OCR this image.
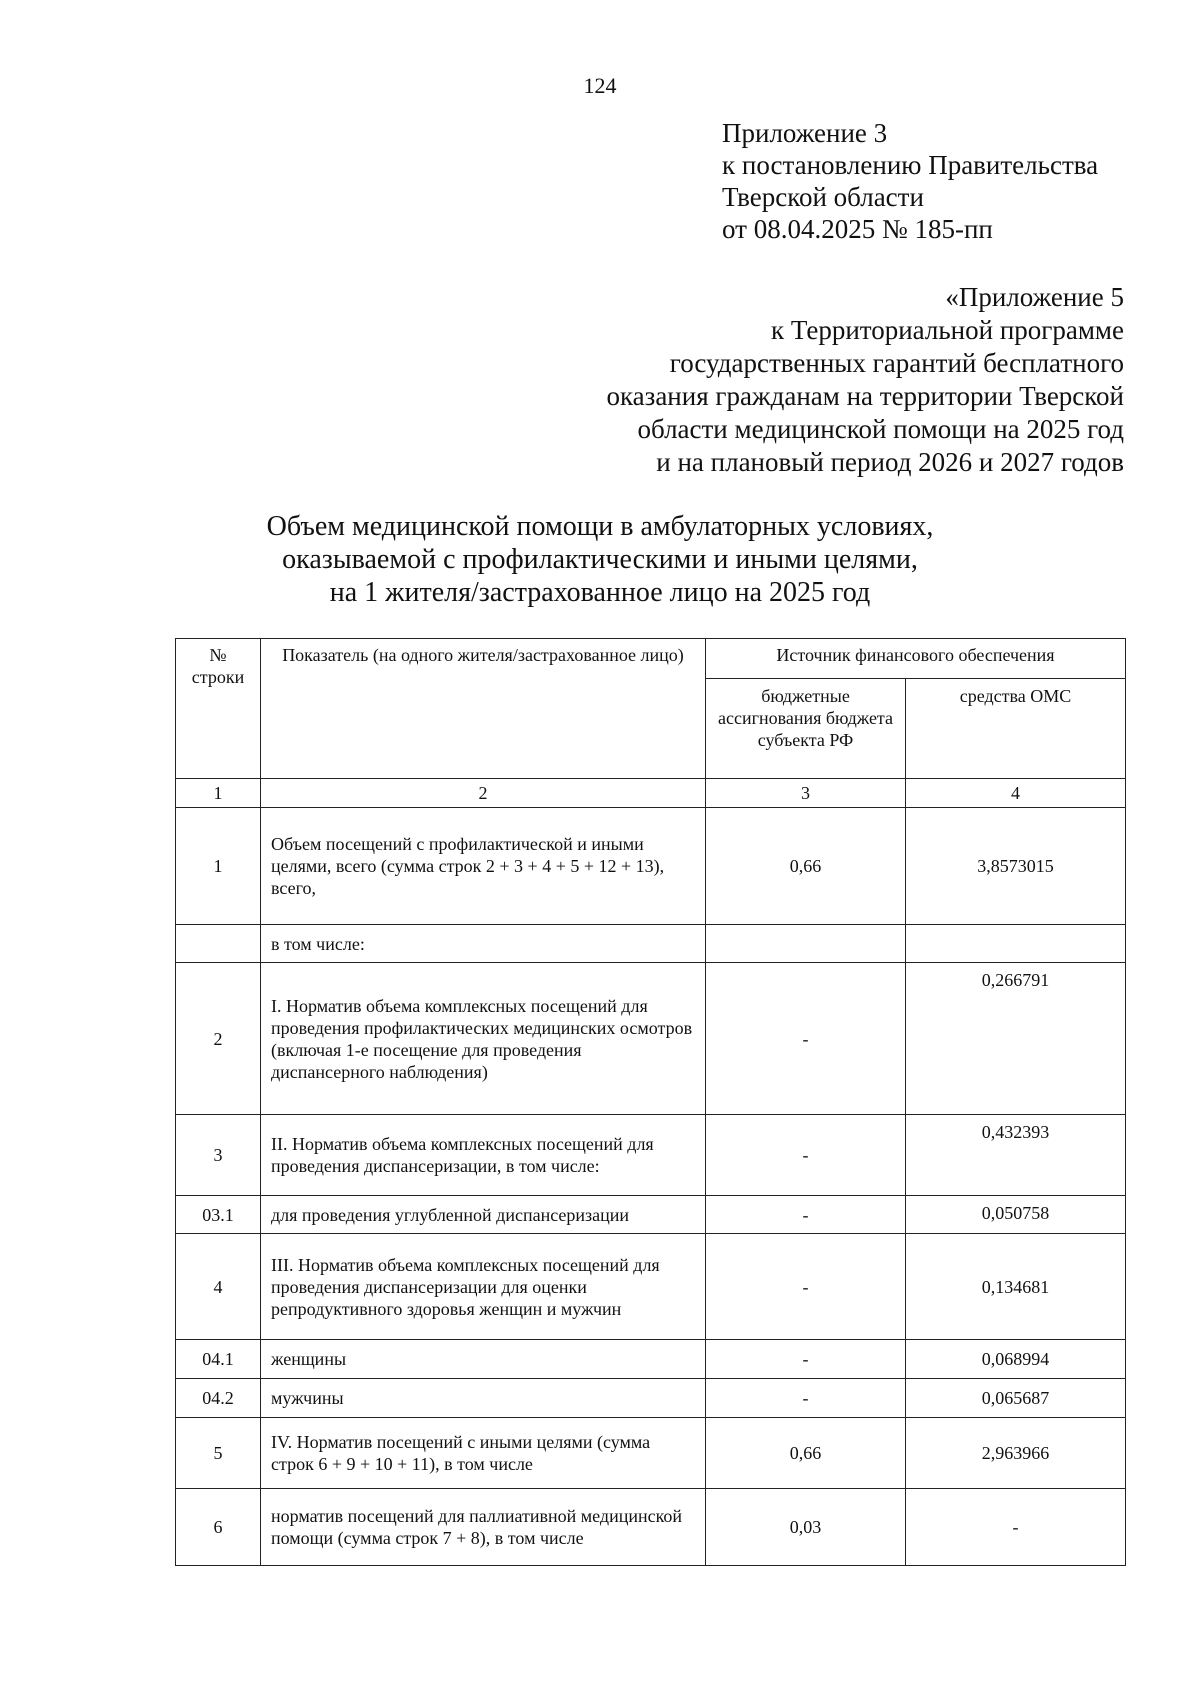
124
Приложение 3
к постановлению Правительства
Тверской области
от 08.04.2025 № 185-пп
«Приложение 5
к Территориальной программе
государственных гарантий бесплатного
оказания гражданам на территории Тверской
области медицинской помощи на 2025 год
и на плановый период 2026 и 2027 годов
Объем медицинской помощи в амбулаторных условиях,
оказываемой с профилактическими и иными целями,
на 1 жителя/застрахованное лицо на 2025 год
№ строки	Показатель (на одного жителя/застрахованное лицо)	Источник финансового обеспечения	
		бюджетные ассигнования бюджета субъекта РФ	средства ОМС
1	2	3	4
1	Объем посещений с профилактической и иными целями, всего (сумма строк 2 + 3 + 4 + 5 + 12 + 13), всего,	0,66	3,8573015
	в том числе:		
2	I. Норматив объема комплексных посещений для проведения профилактических медицинских осмотров (включая 1-е посещение для проведения диспансерного наблюдения)	-	0,266791
3	II. Норматив объема комплексных посещений для проведения диспансеризации, в том числе:	-	0,432393
03.1	для проведения углубленной диспансеризации	-	0,050758
4	III. Норматив объема комплексных посещений для проведения диспансеризации для оценки репродуктивного здоровья женщин и мужчин	-	0,134681
04.1	женщины	-	0,068994
04.2	мужчины	-	0,065687
5	IV. Норматив посещений с иными целями (сумма строк 6 + 9 + 10 + 11), в том числе	0,66	2,963966
6	норматив посещений для паллиативной медицинской помощи (сумма строк 7 + 8), в том числе	0,03	-
